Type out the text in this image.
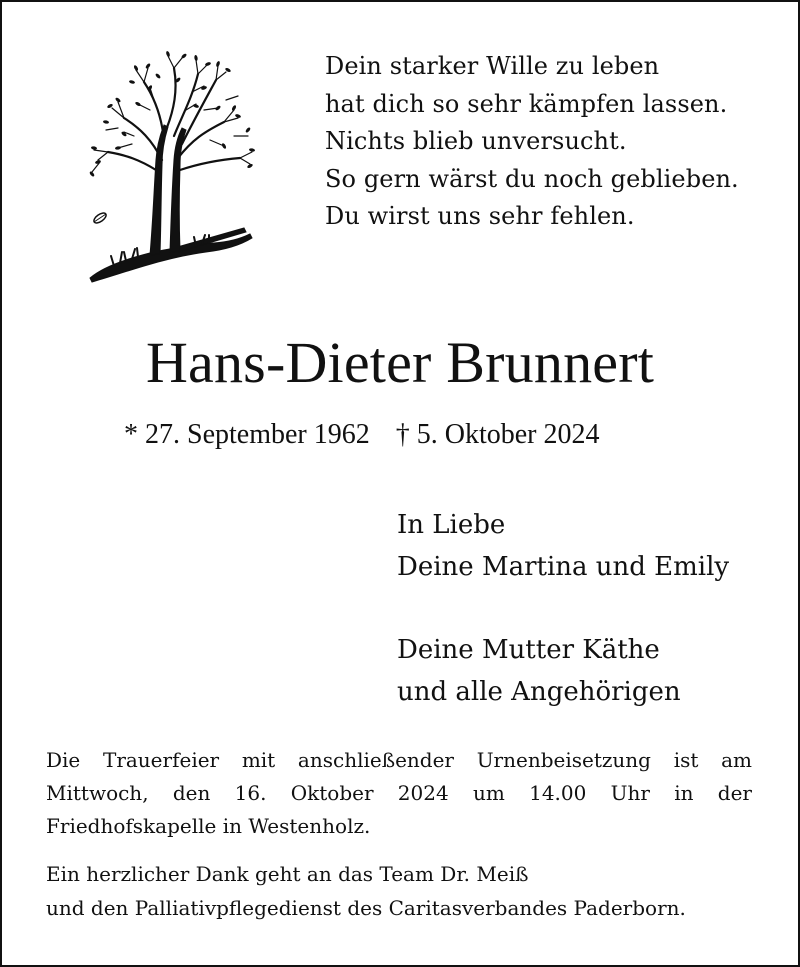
Dein starker Wille zu leben
hat dich so sehr kämpfen lassen.
Nichts blieb unversucht.
So gern wärst du noch geblieben.
Du wirst uns sehr fehlen.
Hans-Dieter Brunnert
* 27. September 1962 † 5. Oktober 2024
In Liebe
Deine Martina und Emily
Deine Mutter Käthe
und alle Angehörigen
Die Trauerfeier mit anschließender Urnenbeisetzung ist am
Mittwoch, den 16. Oktober 2024 um 14.00 Uhr in der
Friedhofskapelle in Westenholz.
Ein herzlicher Dank geht an das Team Dr. Meiß
und den Palliativpflegedienst des Caritasverbandes Paderborn.
